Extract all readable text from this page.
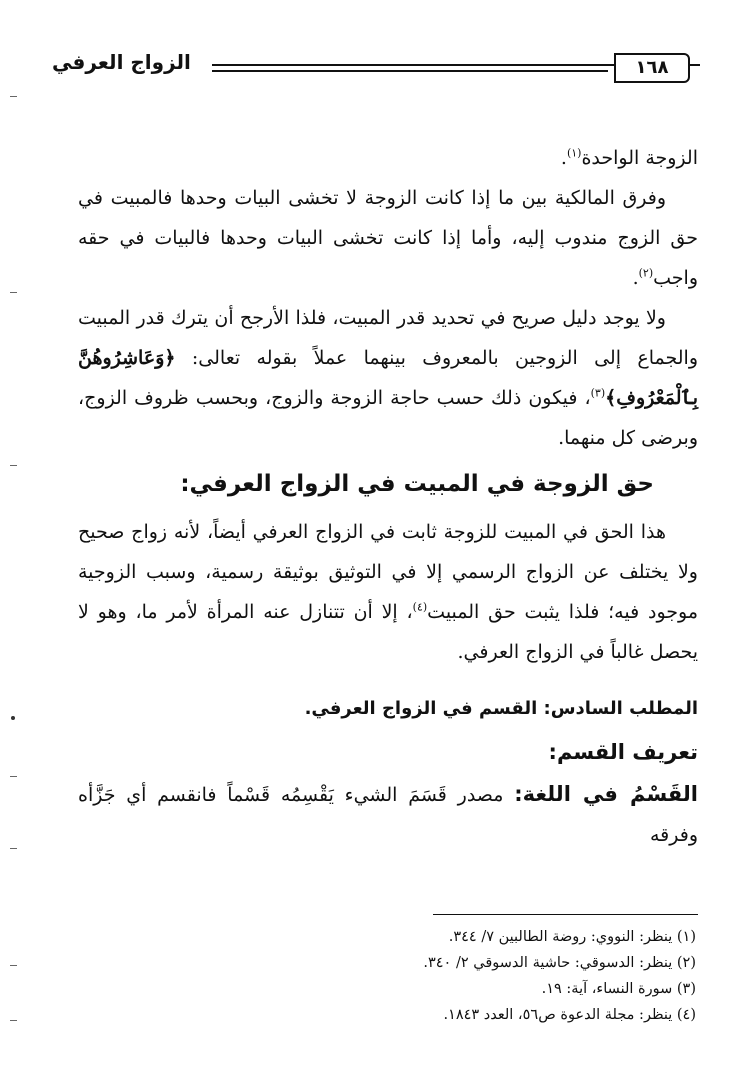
الزواج العرفي	١٦٨

الزوجة الواحدة$^{(١)}$.

وفرق المالكية بين ما إذا كانت الزوجة لا تخشى البيات وحدها فالمبيت في حق الزوج مندوب إليه، وأما إذا كانت تخشى البيات وحدها فالبيات في حقه واجب$^{(٢)}$.

ولا يوجد دليل صريح في تحديد قدر المبيت، فلذا الأرجح أن يترك قدر المبيت والجماع إلى الزوجين بالمعروف بينهما عملاً بقوله تعالى: ﴿وَعَاشِرُوهُنَّ بِٱلْمَعْرُوفِ﴾$^{(٣)}$، فيكون ذلك حسب حاجة الزوجة والزوج، وبحسب ظروف الزوج، وبرضى كل منهما.

حق الزوجة في المبيت في الزواج العرفي:

هذا الحق في المبيت للزوجة ثابت في الزواج العرفي أيضاً، لأنه زواج صحيح ولا يختلف عن الزواج الرسمي إلا في التوثيق بوثيقة رسمية، وسبب الزوجية موجود فيه؛ فلذا يثبت حق المبيت$^{(٤)}$، إلا أن تتنازل عنه المرأة لأمر ما، وهو لا يحصل غالباً في الزواج العرفي.

المطلب السادس: القسم في الزواج العرفي.
تعريف القسم:

القَسْمُ في اللغة: مصدر قَسَمَ الشيء يَقْسِمُه قَسْماً فانقسم أي جَزَّأه وفرقه

(١) ينظر: النووي: روضة الطالبين ٧/ ٣٤٤.
(٢) ينظر: الدسوقي: حاشية الدسوقي ٢/ ٣٤٠.
(٣) سورة النساء، آية: ١٩.
(٤) ينظر: مجلة الدعوة ص٥٦، العدد ١٨٤٣.
